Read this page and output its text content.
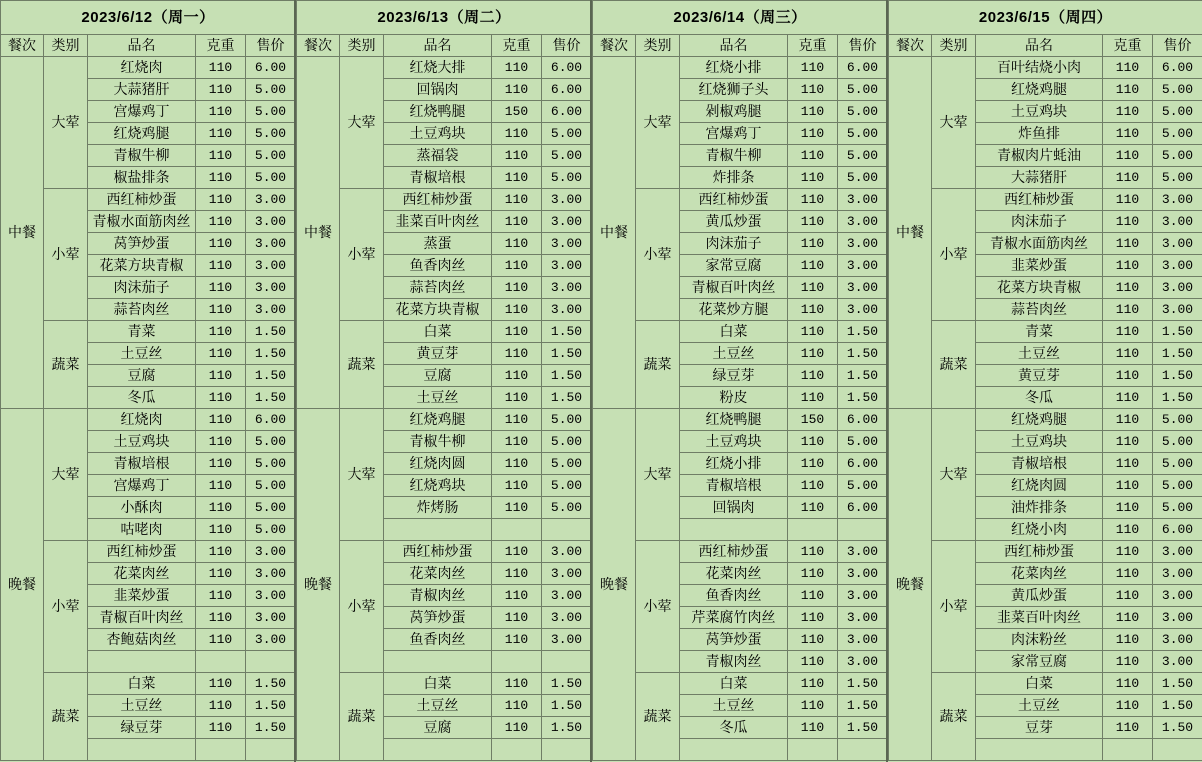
2023/6/12（周一）				
餐次	类别	品名	克重	售价
中餐	大荤	红烧肉	110	6.00
		大蒜猪肝	110	5.00
		宫爆鸡丁	110	5.00
		红烧鸡腿	110	5.00
		青椒牛柳	110	5.00
		椒盐排条	110	5.00
	小荤	西红柿炒蛋	110	3.00
		青椒水面筋肉丝	110	3.00
		莴笋炒蛋	110	3.00
		花菜方块青椒	110	3.00
		肉沫茄子	110	3.00
		蒜苔肉丝	110	3.00
	蔬菜	青菜	110	1.50
		土豆丝	110	1.50
		豆腐	110	1.50
		冬瓜	110	1.50
晚餐	大荤	红烧肉	110	6.00
		土豆鸡块	110	5.00
		青椒培根	110	5.00
		宫爆鸡丁	110	5.00
		小酥肉	110	5.00
		咕咾肉	110	5.00
	小荤	西红柿炒蛋	110	3.00
		花菜肉丝	110	3.00
		韭菜炒蛋	110	3.00
		青椒百叶肉丝	110	3.00
		杏鲍菇肉丝	110	3.00

	蔬菜	白菜	110	1.50
		土豆丝	110	1.50
		绿豆芽	110	1.50

2023/6/13（周二）				
餐次	类别	品名	克重	售价
中餐	大荤	红烧大排	110	6.00
		回锅肉	110	6.00
		红烧鸭腿	150	6.00
		土豆鸡块	110	5.00
		蒸福袋	110	5.00
		青椒培根	110	5.00
	小荤	西红柿炒蛋	110	3.00
		韭菜百叶肉丝	110	3.00
		蒸蛋	110	3.00
		鱼香肉丝	110	3.00
		蒜苔肉丝	110	3.00
		花菜方块青椒	110	3.00
	蔬菜	白菜	110	1.50
		黄豆芽	110	1.50
		豆腐	110	1.50
		土豆丝	110	1.50
晚餐	大荤	红烧鸡腿	110	5.00
		青椒牛柳	110	5.00
		红烧肉圆	110	5.00
		红烧鸡块	110	5.00
		炸烤肠	110	5.00

	小荤	西红柿炒蛋	110	3.00
		花菜肉丝	110	3.00
		青椒肉丝	110	3.00
		莴笋炒蛋	110	3.00
		鱼香肉丝	110	3.00

	蔬菜	白菜	110	1.50
		土豆丝	110	1.50
		豆腐	110	1.50

2023/6/14（周三）				
餐次	类别	品名	克重	售价
中餐	大荤	红烧小排	110	6.00
		红烧狮子头	110	5.00
		剁椒鸡腿	110	5.00
		宫爆鸡丁	110	5.00
		青椒牛柳	110	5.00
		炸排条	110	5.00
	小荤	西红柿炒蛋	110	3.00
		黄瓜炒蛋	110	3.00
		肉沫茄子	110	3.00
		家常豆腐	110	3.00
		青椒百叶肉丝	110	3.00
		花菜炒方腿	110	3.00
	蔬菜	白菜	110	1.50
		土豆丝	110	1.50
		绿豆芽	110	1.50
		粉皮	110	1.50
晚餐	大荤	红烧鸭腿	150	6.00
		土豆鸡块	110	5.00
		红烧小排	110	6.00
		青椒培根	110	5.00
		回锅肉	110	6.00

	小荤	西红柿炒蛋	110	3.00
		花菜肉丝	110	3.00
		鱼香肉丝	110	3.00
		芹菜腐竹肉丝	110	3.00
		莴笋炒蛋	110	3.00
		青椒肉丝	110	3.00
	蔬菜	白菜	110	1.50
		土豆丝	110	1.50
		冬瓜	110	1.50

2023/6/15（周四）				
餐次	类别	品名	克重	售价
中餐	大荤	百叶结烧小肉	110	6.00
		红烧鸡腿	110	5.00
		土豆鸡块	110	5.00
		炸鱼排	110	5.00
		青椒肉片蚝油	110	5.00
		大蒜猪肝	110	5.00
	小荤	西红柿炒蛋	110	3.00
		肉沫茄子	110	3.00
		青椒水面筋肉丝	110	3.00
		韭菜炒蛋	110	3.00
		花菜方块青椒	110	3.00
		蒜苔肉丝	110	3.00
	蔬菜	青菜	110	1.50
		土豆丝	110	1.50
		黄豆芽	110	1.50
		冬瓜	110	1.50
晚餐	大荤	红烧鸡腿	110	5.00
		土豆鸡块	110	5.00
		青椒培根	110	5.00
		红烧肉圆	110	5.00
		油炸排条	110	5.00
		红烧小肉	110	6.00
	小荤	西红柿炒蛋	110	3.00
		花菜肉丝	110	3.00
		黄瓜炒蛋	110	3.00
		韭菜百叶肉丝	110	3.00
		肉沫粉丝	110	3.00
		家常豆腐	110	3.00
	蔬菜	白菜	110	1.50
		土豆丝	110	1.50
		豆芽	110	1.50
